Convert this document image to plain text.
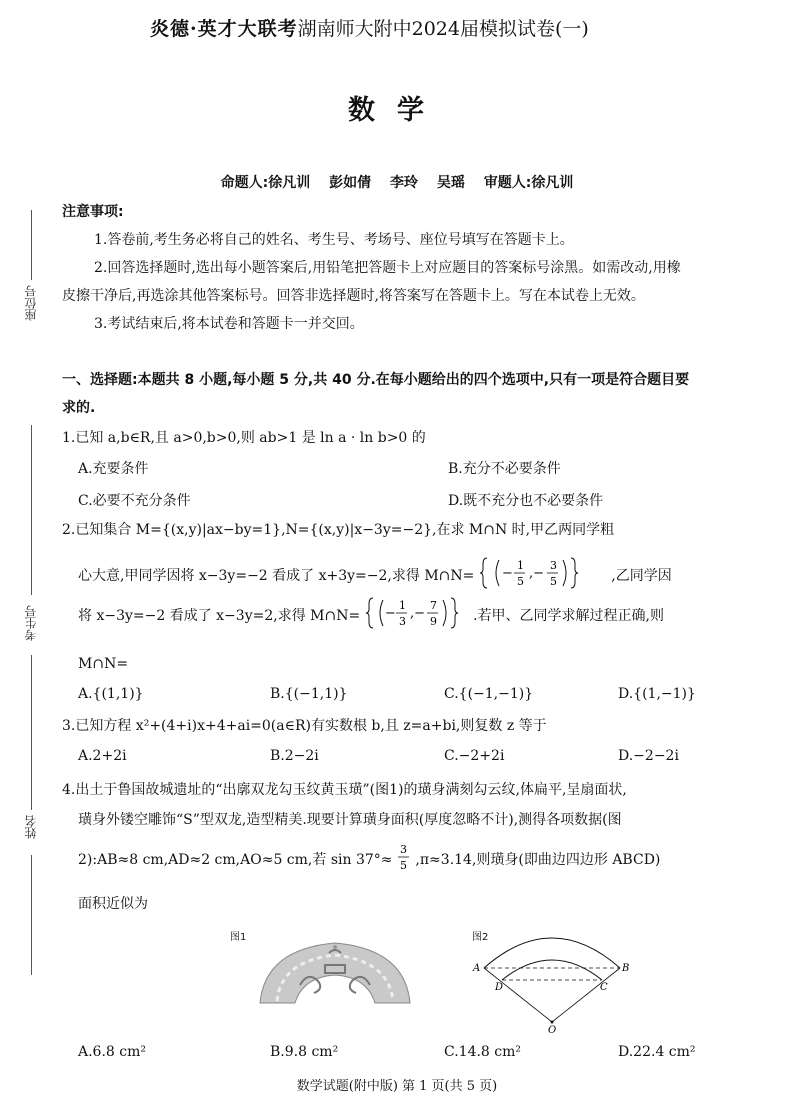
炎德·英才大联考湖南师大附中2024届模拟试卷(一)
数学
命题人:徐凡训 彭如倩 李玲 吴瑶 审题人:徐凡训
座位号
考生号
姓名
注意事项:
1.答卷前,考生务必将自己的姓名、考生号、考场号、座位号填写在答题卡上。
2.回答选择题时,选出每小题答案后,用铅笔把答题卡上对应题目的答案标号涂黑。如需改动,用橡
皮擦干净后,再选涂其他答案标号。回答非选择题时,将答案写在答题卡上。写在本试卷上无效。
3.考试结束后,将本试卷和答题卡一并交回。
一、选择题:本题共 8 小题,每小题 5 分,共 40 分.在每小题给出的四个选项中,只有一项是符合题目要
求的.
1.已知 a,b∈R,且 a>0,b>0,则 ab>1 是 ln a · ln b>0 的
A.充要条件	B.充分不必要条件
C.必要不充分条件	D.既不充分也不必要条件
2.已知集合 M={(x,y)|ax−by=1},N={(x,y)|x−3y=−2},在求 M∩N 时,甲乙两同学粗
心大意,甲同学因将 x−3y=−2 看成了 x+3y=−2,求得 M∩N= −
1
5
,−
3
5	,乙同学因
将 x−3y=−2 看成了 x−3y=2,求得 M∩N= −
1
3
,−
7
9	.若甲、乙同学求解过程正确,则
M∩N=
A.{(1,1)}	B.{(−1,1)}	C.{(−1,−1)}	D.{(1,−1)}
3.已知方程 x²+(4+i)x+4+ai=0(a∈R)有实数根 b,且 z=a+bi,则复数 z 等于
A.2+2i	B.2−2i	C.−2+2i	D.−2−2i
4.出土于鲁国故城遗址的“出廓双龙勾玉纹黄玉璜”(图1)的璜身满刻勾云纹,体扁平,呈扇面状,
璜身外镂空雕饰“S”型双龙,造型精美.现要计算璜身面积(厚度忽略不计),测得各项数据(图
2):AB≈8 cm,AD≈2 cm,AO≈5 cm,若 sin 37°≈
3
5 ,π≈3.14,则璜身(即曲边四边形 ABCD)
面积近似为
图1	图2
A	B
C
D
O
A.6.8 cm²	B.9.8 cm²	C.14.8 cm²	D.22.4 cm²
数学试题(附中版) 第 1 页(共 5 页)
